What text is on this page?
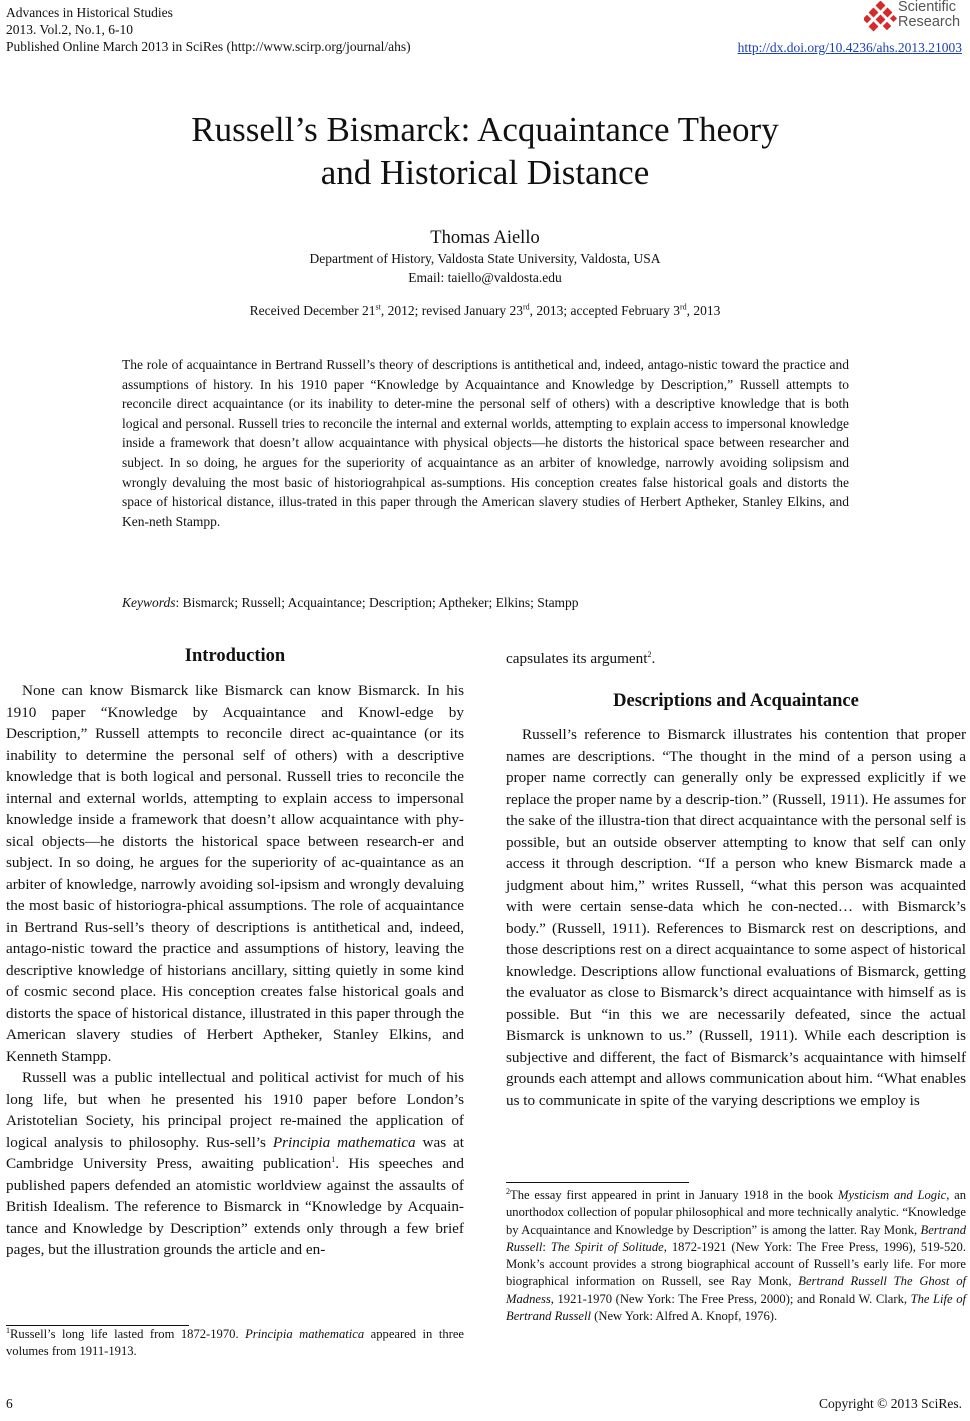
Advances in Historical Studies
2013. Vol.2, No.1, 6-10
Published Online March 2013 in SciRes (http://www.scirp.org/journal/ahs)
Scientific
Research
http://dx.doi.org/10.4236/ahs.2013.21003
Russell’s Bismarck: Acquaintance Theory
and Historical Distance
Thomas Aiello
Department of History, Valdosta State University, Valdosta, USA
Email: taiello@valdosta.edu
Received December 21st, 2012; revised January 23rd, 2013; accepted February 3rd, 2013
The role of acquaintance in Bertrand Russell’s theory of descriptions is antithetical and, indeed, antago-nistic toward the practice and assumptions of history. In his 1910 paper “Knowledge by Acquaintance and Knowledge by Description,” Russell attempts to reconcile direct acquaintance (or its inability to deter-mine the personal self of others) with a descriptive knowledge that is both logical and personal. Russell tries to reconcile the internal and external worlds, attempting to explain access to impersonal knowledge inside a framework that doesn’t allow acquaintance with physical objects—he distorts the historical space between researcher and subject. In so doing, he argues for the superiority of acquaintance as an arbiter of knowledge, narrowly avoiding solipsism and wrongly devaluing the most basic of historiograhpical as-sumptions. His conception creates false historical goals and distorts the space of historical distance, illus-trated in this paper through the American slavery studies of Herbert Aptheker, Stanley Elkins, and Ken-neth Stampp.
Keywords: Bismarck; Russell; Acquaintance; Description; Aptheker; Elkins; Stampp
Introduction

None can know Bismarck like Bismarck can know Bismarck. In his 1910 paper “Knowledge by Acquaintance and Knowl-edge by Description,” Russell attempts to reconcile direct ac-quaintance (or its inability to determine the personal self of others) with a descriptive knowledge that is both logical and personal. Russell tries to reconcile the internal and external worlds, attempting to explain access to impersonal knowledge inside a framework that doesn’t allow acquaintance with phy-sical objects—he distorts the historical space between research-er and subject. In so doing, he argues for the superiority of ac-quaintance as an arbiter of knowledge, narrowly avoiding sol-ipsism and wrongly devaluing the most basic of historiogra-phical assumptions. The role of acquaintance in Bertrand Rus-sell’s theory of descriptions is antithetical and, indeed, antago-nistic toward the practice and assumptions of history, leaving the descriptive knowledge of historians ancillary, sitting quietly in some kind of cosmic second place. His conception creates false historical goals and distorts the space of historical distance, illustrated in this paper through the American slavery studies of Herbert Aptheker, Stanley Elkins, and Kenneth Stampp.

Russell was a public intellectual and political activist for much of his long life, but when he presented his 1910 paper before London’s Aristotelian Society, his principal project re-mained the application of logical analysis to philosophy. Rus-sell’s Principia mathematica was at Cambridge University Press, awaiting publication$^1$. His speeches and published papers defended an atomistic worldview against the assaults of British Idealism. The reference to Bismarck in “Knowledge by Acquain-tance and Knowledge by Description” extends only through a few brief pages, but the illustration grounds the article and en-

$^1$Russell’s long life lasted from 1872-1970. Principia mathematica appeared in three volumes from 1911-1913.
capsulates its argument$^2$.
Descriptions and Acquaintance

Russell’s reference to Bismarck illustrates his contention that proper names are descriptions. “The thought in the mind of a person using a proper name correctly can generally only be expressed explicitly if we replace the proper name by a descrip-tion.” (Russell, 1911). He assumes for the sake of the illustra-tion that direct acquaintance with the personal self is possible, but an outside observer attempting to know that self can only access it through description. “If a person who knew Bismarck made a judgment about him,” writes Russell, “what this person was acquainted with were certain sense-data which he con-nected… with Bismarck’s body.” (Russell, 1911). References to Bismarck rest on descriptions, and those descriptions rest on a direct acquaintance to some aspect of historical knowledge. Descriptions allow functional evaluations of Bismarck, getting the evaluator as close to Bismarck’s direct acquaintance with himself as is possible. But “in this we are necessarily defeated, since the actual Bismarck is unknown to us.” (Russell, 1911). While each description is subjective and different, the fact of Bismarck’s acquaintance with himself grounds each attempt and allows communication about him. “What enables us to communicate in spite of the varying descriptions we employ is

$^2$The essay first appeared in print in January 1918 in the book Mysticism and Logic, an unorthodox collection of popular philosophical and more technically analytic. “Knowledge by Acquaintance and Knowledge by Description” is among the latter. Ray Monk, Bertrand Russell: The Spirit of Solitude, 1872-1921 (New York: The Free Press, 1996), 519-520. Monk’s account provides a strong biographical account of Russell’s early life. For more biographical information on Russell, see Ray Monk, Bertrand Russell The Ghost of Madness, 1921-1970 (New York: The Free Press, 2000); and Ronald W. Clark, The Life of Bertrand Russell (New York: Alfred A. Knopf, 1976).
6	Copyright © 2013 SciRes.
